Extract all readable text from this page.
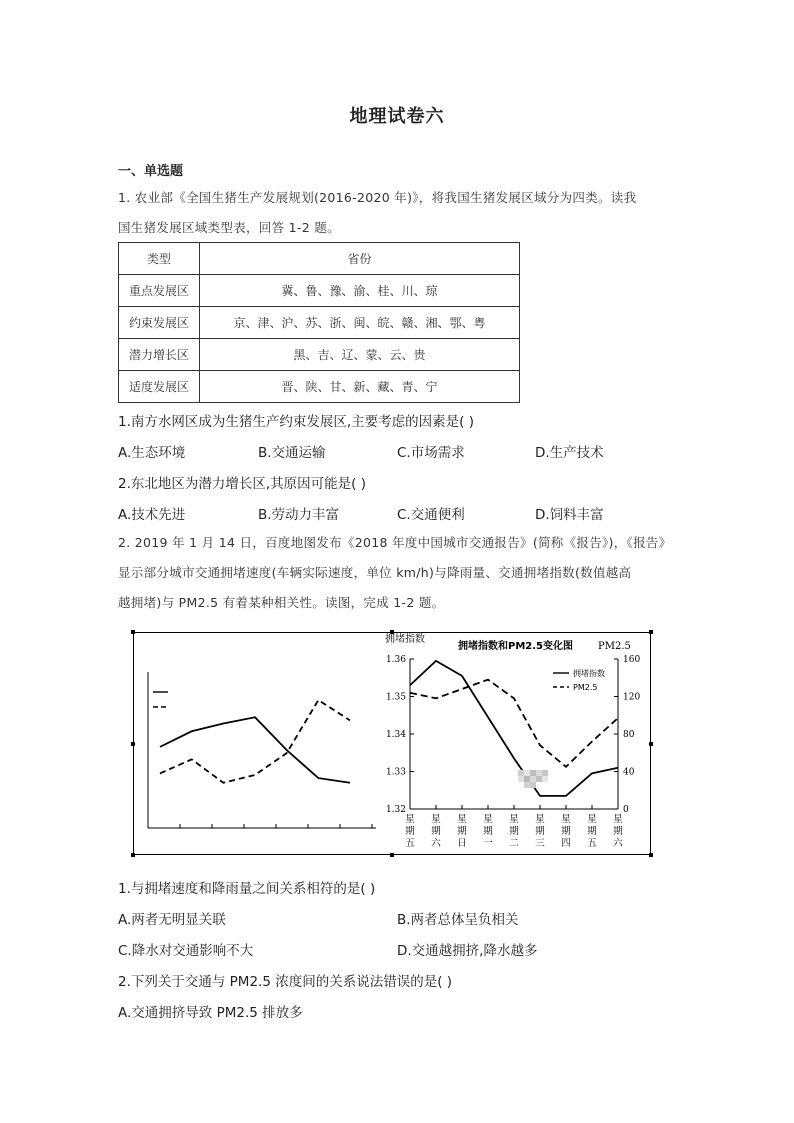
地理试卷六
一、单选题
1. 农业部《全国生猪生产发展规划(2016-2020 年)》，将我国生猪发展区域分为四类。读我
国生猪发展区域类型表，回答 1-2 题。
类型	省份
重点发展区	冀、鲁、豫、渝、桂、川、琼
约束发展区	京、津、沪、苏、浙、闽、皖、赣、湘、鄂、粤
潜力增长区	黑、吉、辽、蒙、云、贵
适度发展区	晋、陕、甘、新、藏、青、宁
1.南方水网区成为生猪生产约束发展区,主要考虑的因素是( )
A.生态环境	B.交通运输	C.市场需求	D.生产技术
2.东北地区为潜力增长区,其原因可能是( )
A.技术先进	B.劳动力丰富	C.交通便利	D.饲料丰富
2. 2019 年 1 月 14 日，百度地图发布《2018 年度中国城市交通报告》(简称《报告》)，《报告》
显示部分城市交通拥堵速度(车辆实际速度，单位 km/h)与降雨量、交通拥堵指数(数值越高
越拥堵)与 PM2.5 有着某种相关性。读图，完成 1-2 题。
拥堵指数
拥堵指数和PM2.5变化图	PM2.5
1.36
1.35
1.34
1.33
1.32
160
120
80
40
0
星期五
星期六
星期日
星期一
星期二
星期三
星期四
星期五
星期六
拥堵指数
PM2.5
1.与拥堵速度和降雨量之间关系相符的是( )
A.两者无明显关联	B.两者总体呈负相关
C.降水对交通影响不大	D.交通越拥挤,降水越多
2.下列关于交通与 PM2.5 浓度间的关系说法错误的是( )
A.交通拥挤导致 PM2.5 排放多
